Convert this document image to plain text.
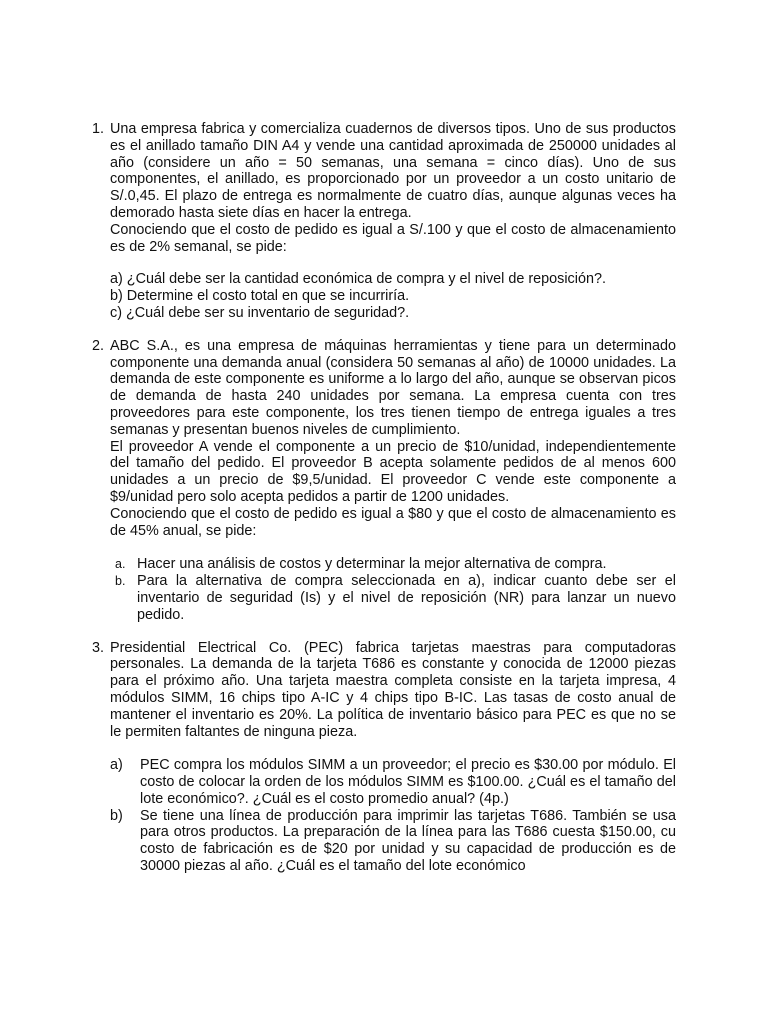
1. Una empresa fabrica y comercializa cuadernos de diversos tipos. Uno de sus productos es el anillado tamaño DIN A4 y vende una cantidad aproximada de 250000 unidades al año (considere un año = 50 semanas, una semana = cinco días). Uno de sus componentes, el anillado, es proporcionado por un proveedor a un costo unitario de S/.0,45. El plazo de entrega es normalmente de cuatro días, aunque algunas veces ha demorado hasta siete días en hacer la entrega.

Conociendo que el costo de pedido es igual a S/.100 y que el costo de almacenamiento es de 2% semanal, se pide:

a) ¿Cuál debe ser la cantidad económica de compra y el nivel de reposición?.
b) Determine el costo total en que se incurriría.
c) ¿Cuál debe ser su inventario de seguridad?.
2. ABC S.A., es una empresa de máquinas herramientas y tiene para un determinado componente una demanda anual (considera 50 semanas al año) de 10000 unidades. La demanda de este componente es uniforme a lo largo del año, aunque se observan picos de demanda de hasta 240 unidades por semana. La empresa cuenta con tres proveedores para este componente, los tres tienen tiempo de entrega iguales a tres semanas y presentan buenos niveles de cumplimiento.

El proveedor A vende el componente a un precio de $10/unidad, independientemente del tamaño del pedido. El proveedor B acepta solamente pedidos de al menos 600 unidades a un precio de $9,5/unidad. El proveedor C vende este componente a $9/unidad pero solo acepta pedidos a partir de 1200 unidades.

Conociendo que el costo de pedido es igual a $80 y que el costo de almacenamiento es de 45% anual, se pide:

a. Hacer una análisis de costos y determinar la mejor alternativa de compra.
b. Para la alternativa de compra seleccionada en a), indicar cuanto debe ser el inventario de seguridad (Is) y el nivel de reposición (NR) para lanzar un nuevo pedido.
3. Presidential Electrical Co. (PEC) fabrica tarjetas maestras para computadoras personales. La demanda de la tarjeta T686 es constante y conocida de 12000 piezas para el próximo año. Una tarjeta maestra completa consiste en la tarjeta impresa, 4 módulos SIMM, 16 chips tipo A-IC y 4 chips tipo B-IC. Las tasas de costo anual de mantener el inventario es 20%. La política de inventario básico para PEC es que no se le permiten faltantes de ninguna pieza.

a) PEC compra los módulos SIMM a un proveedor; el precio es $30.00 por módulo. El costo de colocar la orden de los módulos SIMM es $100.00. ¿Cuál es el tamaño del lote económico?. ¿Cuál es el costo promedio anual? (4p.)
b) Se tiene una línea de producción para imprimir las tarjetas T686. También se usa para otros productos. La preparación de la línea para las T686 cuesta $150.00, cu costo de fabricación es de $20 por unidad y su capacidad de producción es de 30000 piezas al año. ¿Cuál es el tamaño del lote económico
